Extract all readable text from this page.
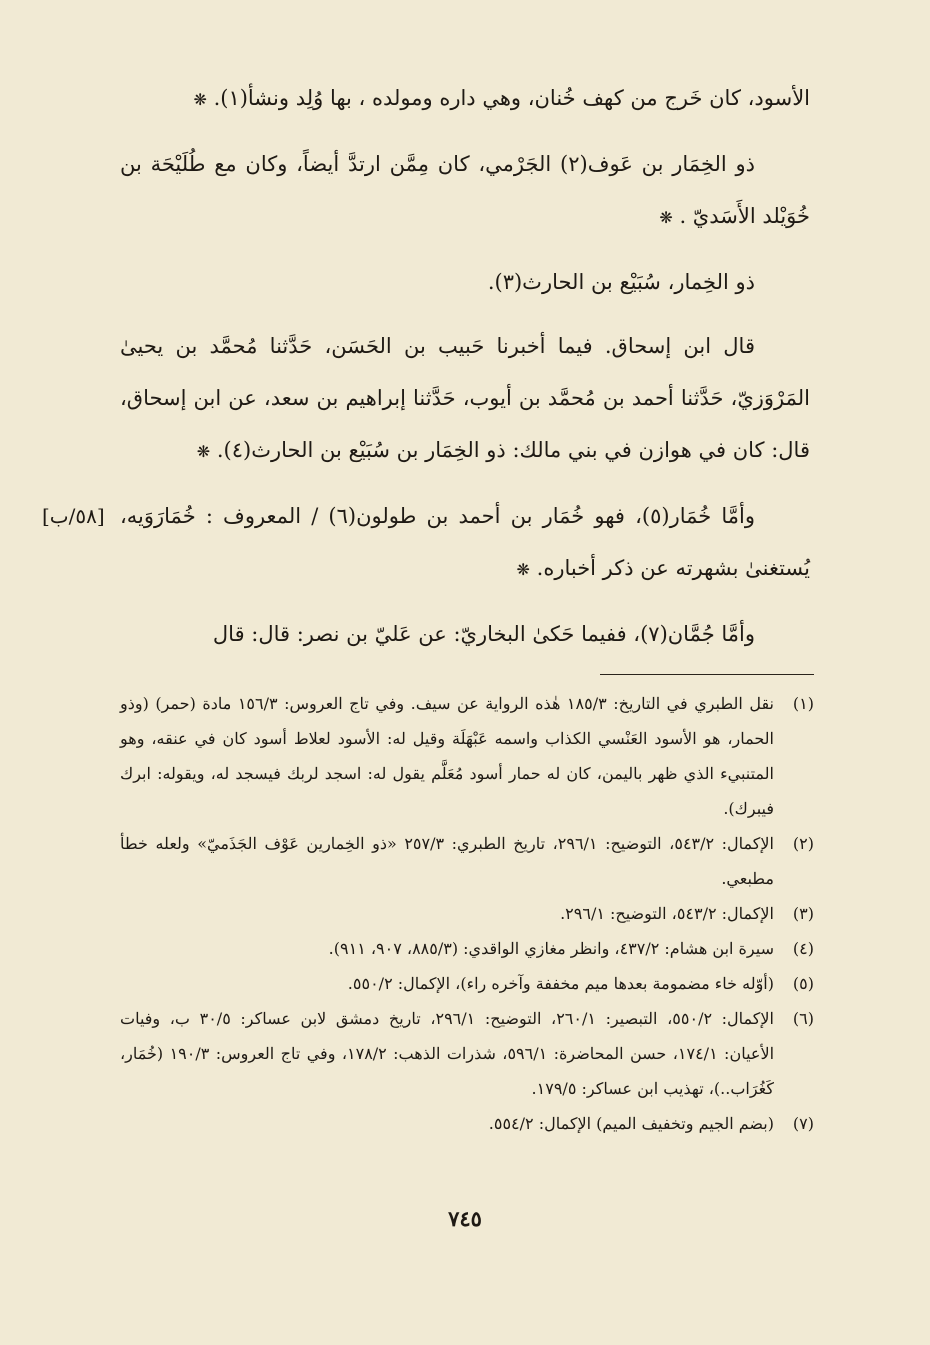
الأسود، كان خَرج من كهف خُنان، وهي داره ومولده ، بها وُلِد ونشأ(١). ❋

ذو الخِمَار بن عَوف(٢) الجَرْمي، كان مِمَّن ارتدَّ أيضاً، وكان مع طُلَيْحَة بن خُوَيْلد الأَسَديّ . ❋

ذو الخِمار، سُبَيْع بن الحارث(٣).

قال ابن إسحاق. فيما أخبرنا حَبيب بن الحَسَن، حَدَّثنا مُحمَّد بن يحيىٰ المَرْوَزيّ، حَدَّثنا أحمد بن مُحمَّد بن أيوب، حَدَّثنا إبراهيم بن سعد، عن ابن إسحاق، قال: كان في هوازن في بني مالك: ذو الخِمَار بن سُبَيْع بن الحارث(٤). ❋

وأمَّا خُمَار(٥)، فهو خُمَار بن أحمد بن طولون(٦) / المعروف : خُمَارَوَيه، يُستغنىٰ بشهرته عن ذكر أخباره. ❋

وأمَّا جُمَّان(٧)، ففيما حَكىٰ البخاريّ: عن عَليّ بن نصر: قال: قال

[٥٨/ب]
(١)
نقل الطبري في التاريخ: ١٨٥/٣ هٰذه الرواية عن سيف. وفي تاج العروس: ١٥٦/٣ مادة (حمر) (وذو الحمار، هو الأسود العَنْسي الكذاب واسمه عَبْهَلَة وقيل له: الأسود لعلاط أسود كان في عنقه، وهو المتنبيء الذي ظهر باليمن، كان له حمار أسود مُعَلَّم يقول له: اسجد لربك فيسجد له، ويقوله: ابرك فيبرك).
(٢)
الإكمال: ٥٤٣/٢، التوضيح: ٢٩٦/١، تاريخ الطبري: ٢٥٧/٣ «ذو الخِمارين عَوْف الجَذَميّ» ولعله خطأ مطبعي.
(٣)
الإكمال: ٥٤٣/٢، التوضيح: ٢٩٦/١.
(٤)
سيرة ابن هشام: ٤٣٧/٢، وانظر مغازي الواقدي: (٨٨٥/٣، ٩٠٧، ٩١١).
(٥)
(أوّله خاء مضمومة بعدها ميم مخففة وآخره راء)، الإكمال: ٥٥٠/٢.
(٦)
الإكمال: ٥٥٠/٢، التبصير: ٢٦٠/١، التوضيح: ٢٩٦/١، تاريخ دمشق لابن عساكر: ٣٠/٥ ب، وفيات الأعيان: ١٧٤/١، حسن المحاضرة: ٥٩٦/١، شذرات الذهب: ١٧٨/٢، وفي تاج العروس: ١٩٠/٣ (خُمَار، كَغُرَاب..)، تهذيب ابن عساكر: ١٧٩/٥.
(٧)
(بضم الجيم وتخفيف الميم) الإكمال: ٥٥٤/٢.
٧٤٥
